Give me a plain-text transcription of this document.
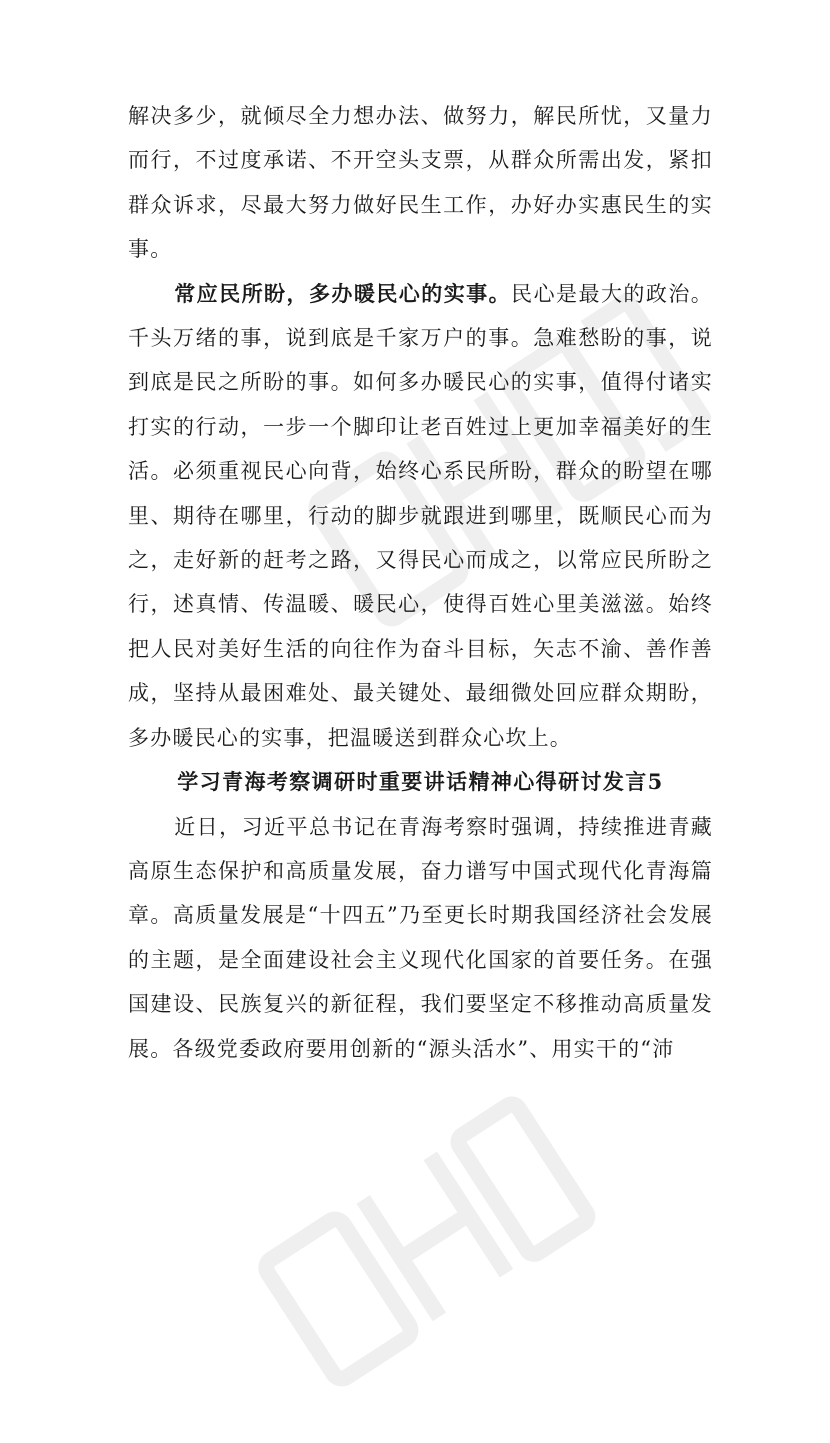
解决多少，就倾尽全力想办法、做努力，解民所忧，又量力而行，不过度承诺、不开空头支票，从群众所需出发，紧扣群众诉求，尽最大努力做好民生工作，办好办实惠民生的实事。

常应民所盼，多办暖民心的实事。民心是最大的政治。千头万绪的事，说到底是千家万户的事。急难愁盼的事，说到底是民之所盼的事。如何多办暖民心的实事，值得付诸实打实的行动，一步一个脚印让老百姓过上更加幸福美好的生活。必须重视民心向背，始终心系民所盼，群众的盼望在哪里、期待在哪里，行动的脚步就跟进到哪里，既顺民心而为之，走好新的赶考之路，又得民心而成之，以常应民所盼之行，述真情、传温暖、暖民心，使得百姓心里美滋滋。始终把人民对美好生活的向往作为奋斗目标，矢志不渝、善作善成，坚持从最困难处、最关键处、最细微处回应群众期盼，多办暖民心的实事，把温暖送到群众心坎上。

学习青海考察调研时重要讲话精神心得研讨发言5

近日，习近平总书记在青海考察时强调，持续推进青藏高原生态保护和高质量发展，奋力谱写中国式现代化青海篇章。高质量发展是“十四五”乃至更长时期我国经济社会发展的主题，是全面建设社会主义现代化国家的首要任务。在强国建设、民族复兴的新征程，我们要坚定不移推动高质量发展。各级党委政府要用创新的“源头活水”、用实干的“沛
